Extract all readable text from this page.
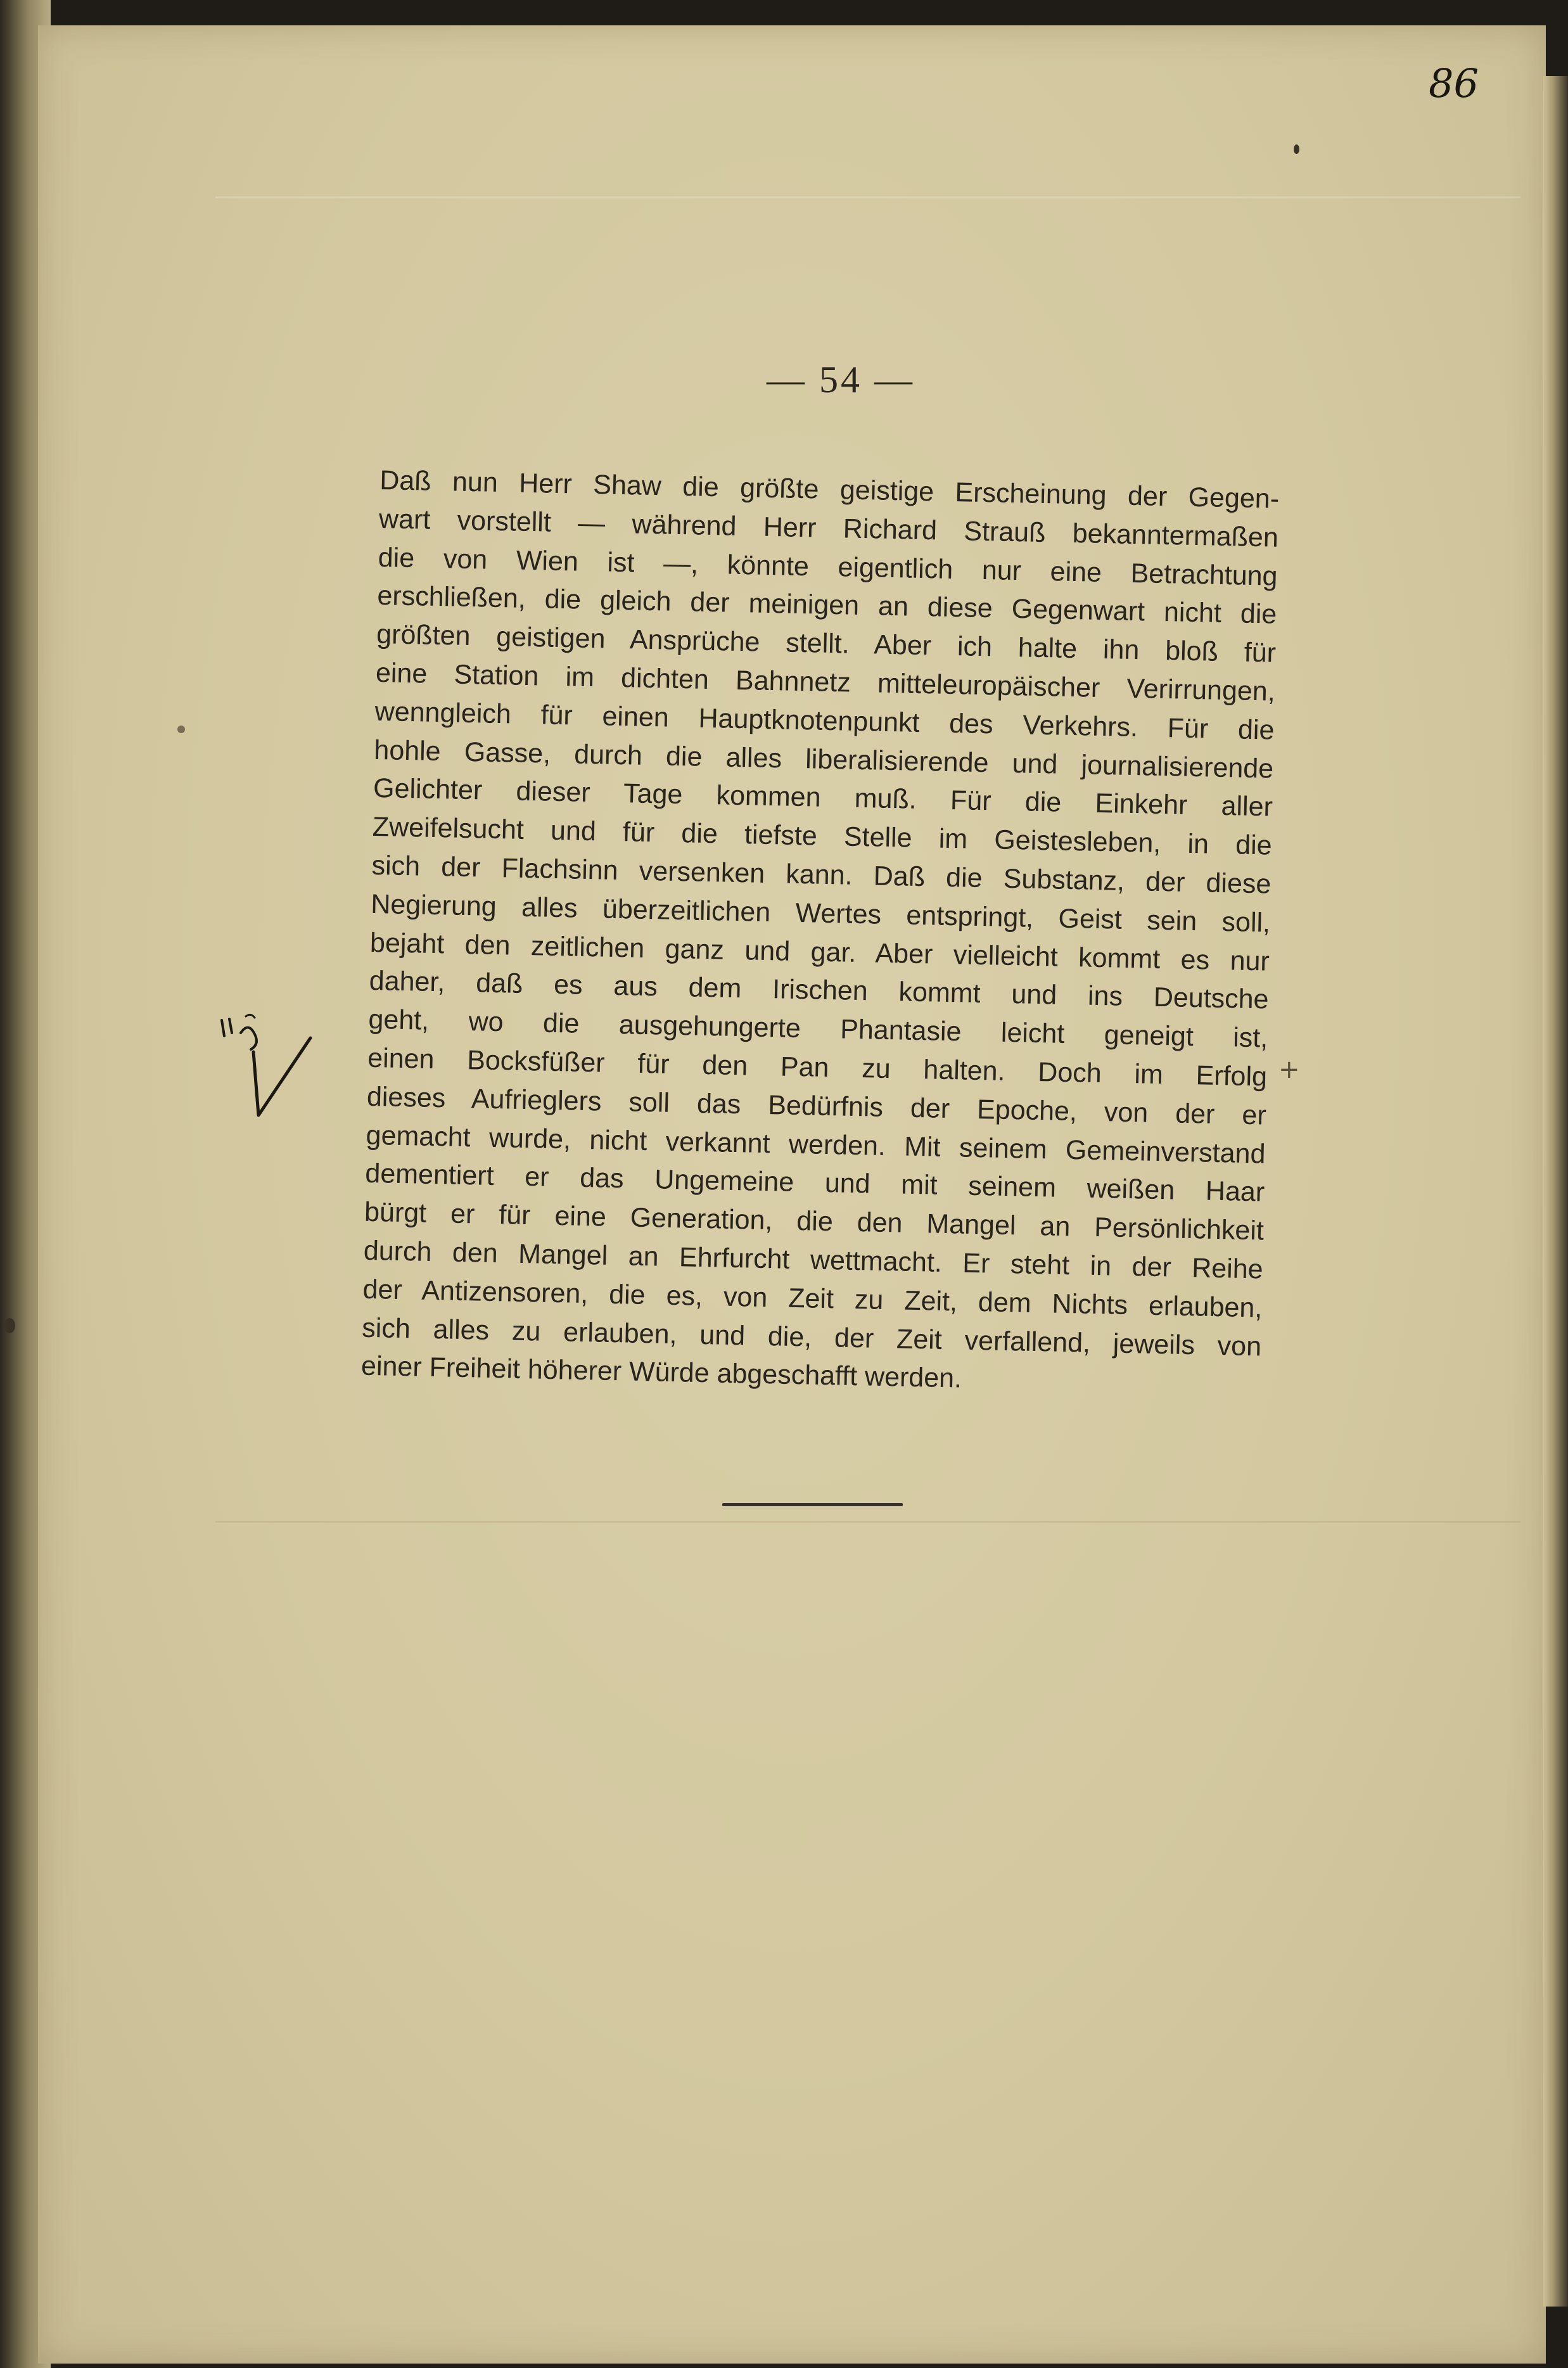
86
— 54 —
Daß nun Herr Shaw die größte geistige Erscheinung der Gegen-
wart vorstellt — während Herr Richard Strauß bekanntermaßen
die von Wien ist —, könnte eigentlich nur eine Betrachtung
erschließen, die gleich der meinigen an diese Gegenwart nicht die
größten geistigen Ansprüche stellt. Aber ich halte ihn bloß für
eine Station im dichten Bahnnetz mitteleuropäischer Verirrungen,
wenngleich für einen Hauptknotenpunkt des Verkehrs. Für die
hohle Gasse, durch die alles liberalisierende und journalisierende
Gelichter dieser Tage kommen muß. Für die Einkehr aller
Zweifelsucht und für die tiefste Stelle im Geistesleben, in die
sich der Flachsinn versenken kann. Daß die Substanz, der diese
Negierung alles überzeitlichen Wertes entspringt, Geist sein soll,
bejaht den zeitlichen ganz und gar. Aber vielleicht kommt es nur
daher, daß es aus dem Irischen kommt und ins Deutsche
geht, wo die ausgehungerte Phantasie leicht geneigt ist,
einen Bocksfüßer für den Pan zu halten. Doch im Erfolg
dieses Aufrieglers soll das Bedürfnis der Epoche, von der er
gemacht wurde, nicht verkannt werden. Mit seinem Gemeinverstand
dementiert er das Ungemeine und mit seinem weißen Haar
bürgt er für eine Generation, die den Mangel an Persönlichkeit
durch den Mangel an Ehrfurcht wettmacht. Er steht in der Reihe
der Antizensoren, die es, von Zeit zu Zeit, dem Nichts erlauben,
sich alles zu erlauben, und die, der Zeit verfallend, jeweils von
einer Freiheit höherer Würde abgeschafft werden.
+
